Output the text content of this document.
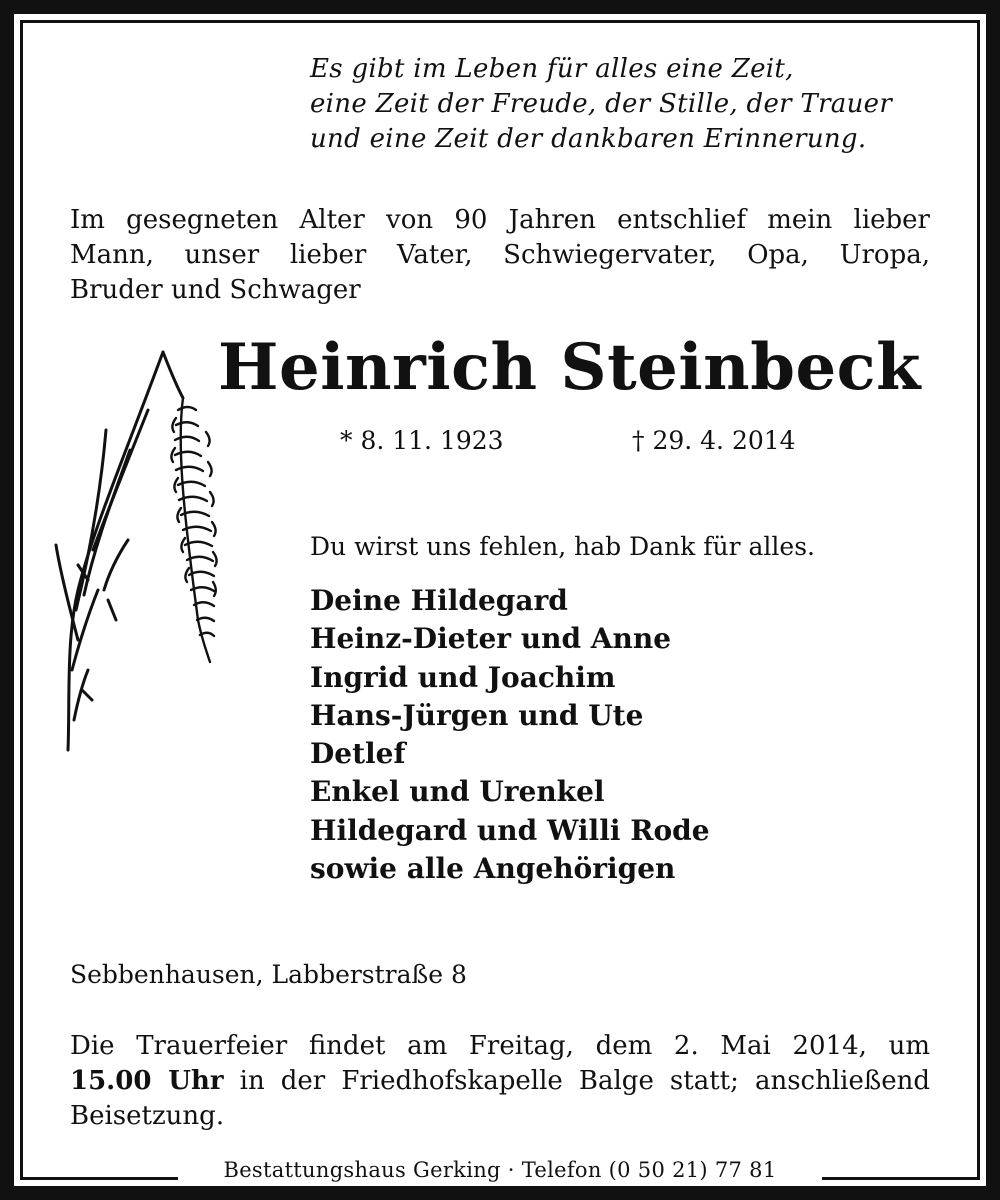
Es gibt im Leben für alles eine Zeit,
eine Zeit der Freude, der Stille, der Trauer
und eine Zeit der dankbaren Erinnerung.
Im gesegneten Alter von 90 Jahren entschlief mein lieber
Mann, unser lieber Vater, Schwiegervater, Opa, Uropa,
Bruder und Schwager
Heinrich Steinbeck
* 8. 11. 1923	† 29. 4. 2014
Du wirst uns fehlen, hab Dank für alles.
Deine Hildegard
Heinz-Dieter und Anne
Ingrid und Joachim
Hans-Jürgen und Ute
Detlef
Enkel und Urenkel
Hildegard und Willi Rode
sowie alle Angehörigen
Sebbenhausen, Labberstraße 8
Die Trauerfeier findet am Freitag, dem 2. Mai 2014, um
15.00 Uhr in der Friedhofskapelle Balge statt; anschließend
Beisetzung.
Bestattungshaus Gerking · Telefon (0 50 21) 77 81
